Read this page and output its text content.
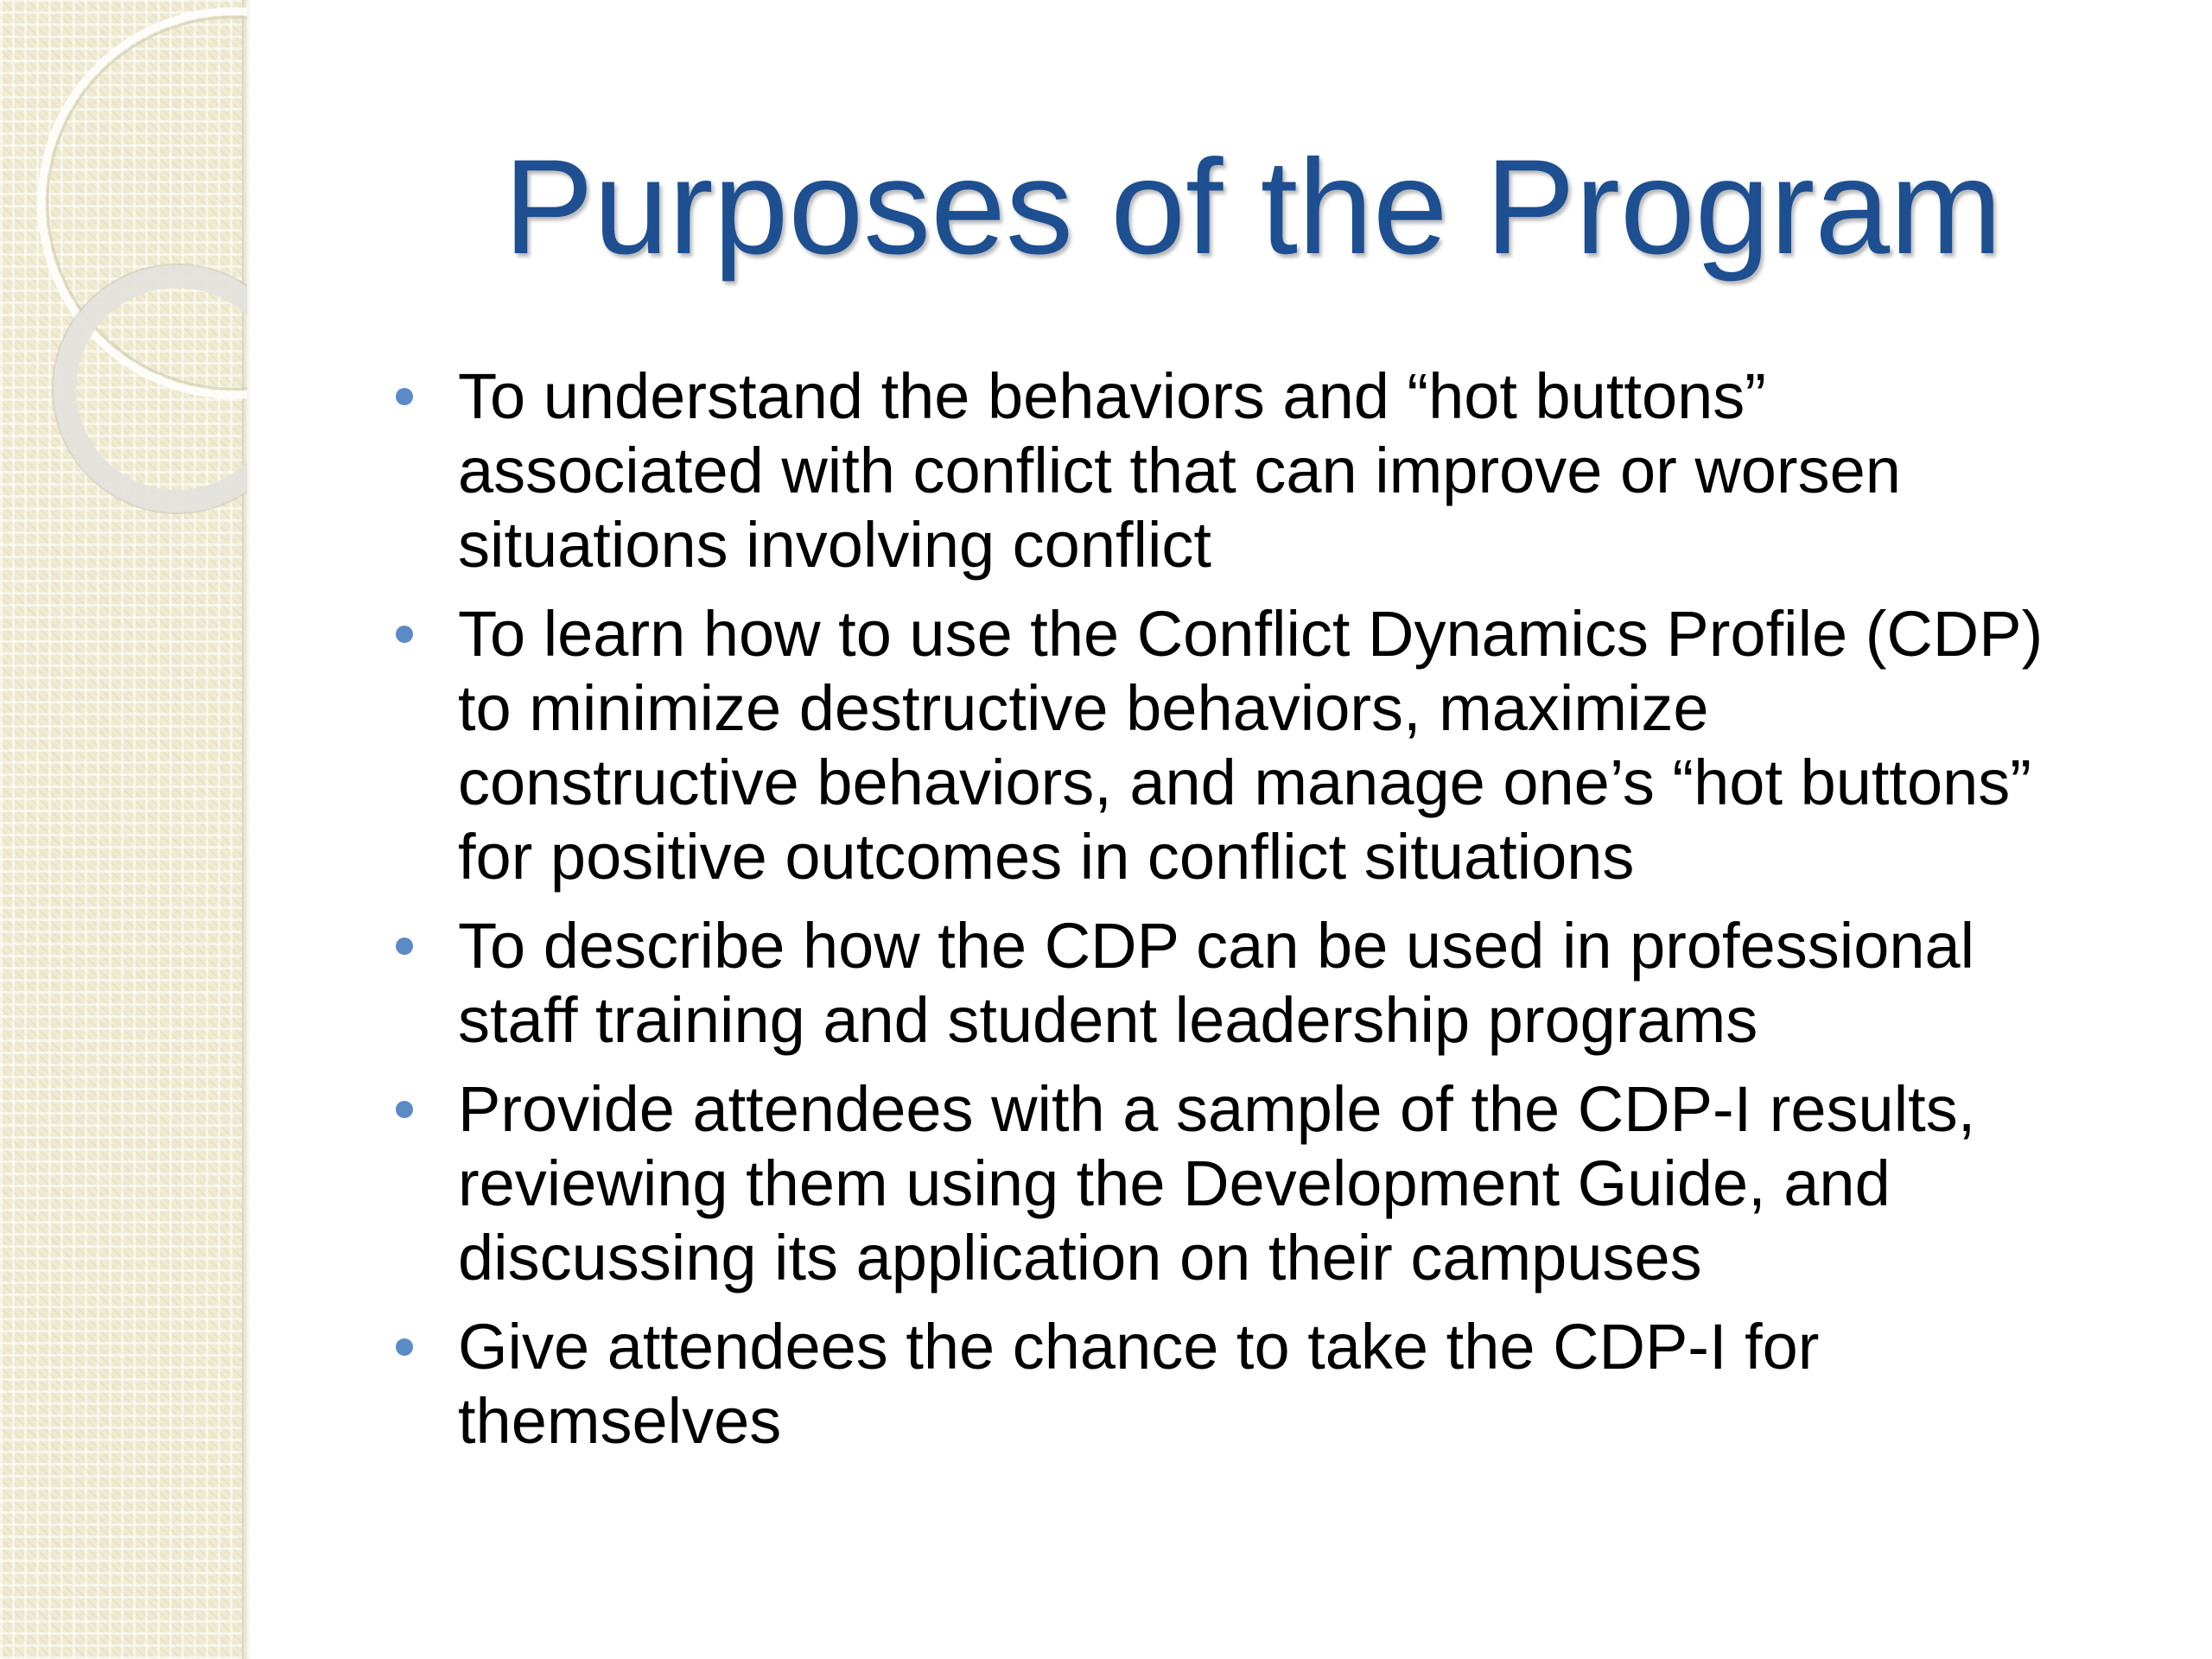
Purposes of the Program
To understand the behaviors and “hot buttons”
associated with conflict that can improve or worsen
situations involving conflict
To learn how to use the Conflict Dynamics Profile (CDP)
to minimize destructive behaviors, maximize
constructive behaviors, and manage one’s “hot buttons”
for positive outcomes in conflict situations
To describe how the CDP can be used in professional
staff training and student leadership programs
Provide attendees with a sample of the CDP-I results,
reviewing them using the Development Guide, and
discussing its application on their campuses
Give attendees the chance to take the CDP-I for
themselves
